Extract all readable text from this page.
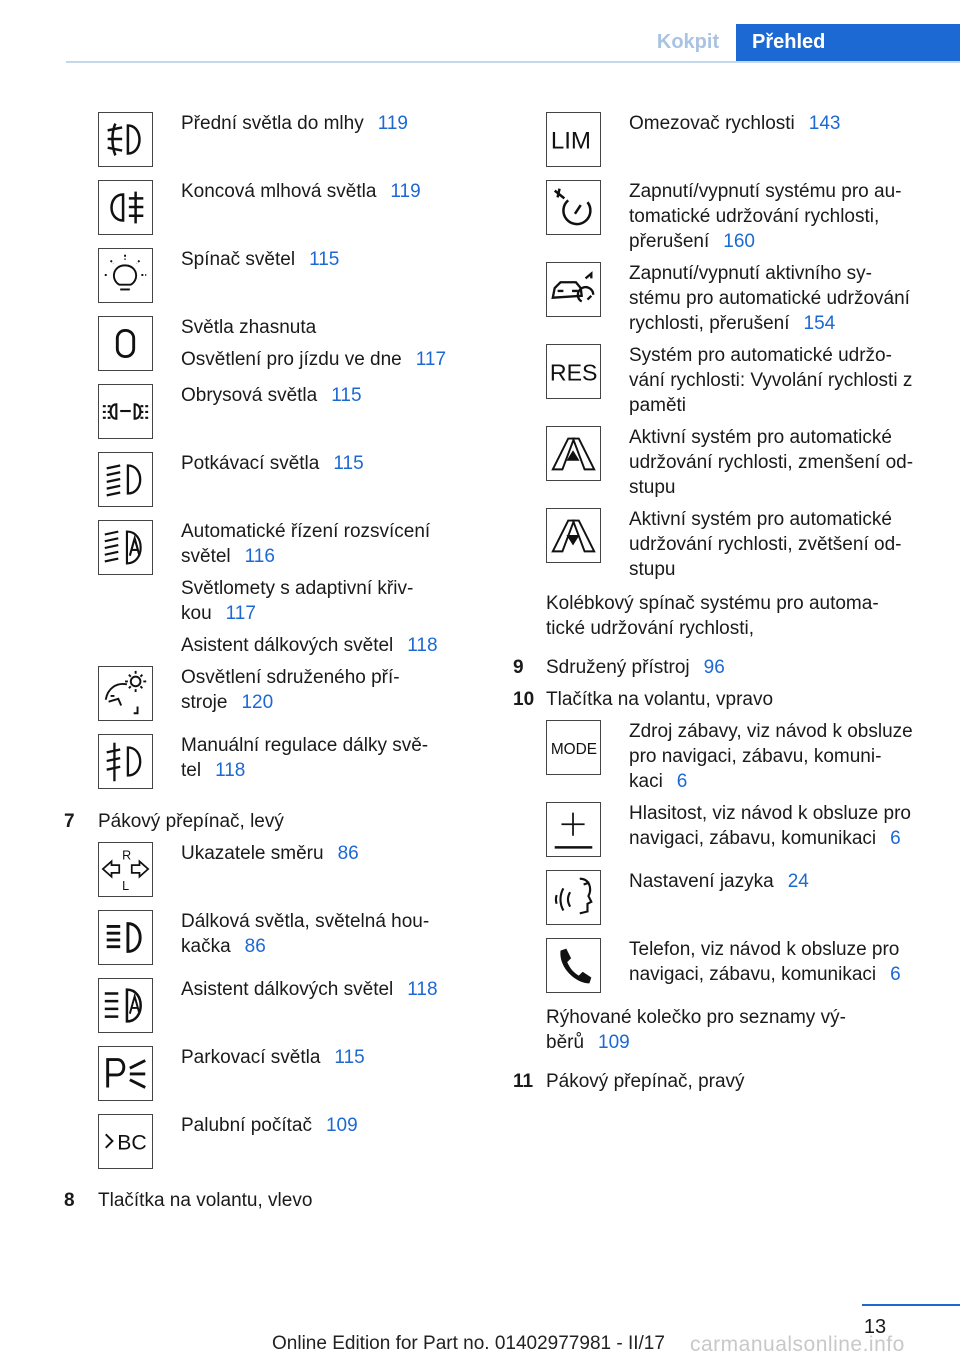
Kokpit	Přehled
Přední světla do mlhy 119
Koncová mlhová světla 119
Spínač světel 115
Světla zhasnuta
Osvětlení pro jízdu ve dne 117
Obrysová světla 115
Potkávací světla 115
Automatické řízení rozsvícení
světel 116
Světlomety s adaptivní křiv-
kou 117
Asistent dálkových světel 118
Osvětlení sdruženého pří-
stroje 120
Manuální regulace dálky svě-
tel 118
7 Pákový přepínač, levý
R
L
Ukazatele směru 86
Dálková světla, světelná hou-
kačka 86
Asistent dálkových světel 118
Parkovací světla 115
BC
Palubní počítač 109
8 Tlačítka na volantu, vlevo
LIM
Omezovač rychlosti 143
Zapnutí/vypnutí systému pro au-
tomatické udržování rychlosti,
přerušení 160
Zapnutí/vypnutí aktivního sy-
stému pro automatické udržování
rychlosti, přerušení 154
RES
Systém pro automatické udržo-
vání rychlosti: Vyvolání rychlosti z
paměti
Aktivní systém pro automatické
udržování rychlosti, zmenšení od-
stupu
Aktivní systém pro automatické
udržování rychlosti, zvětšení od-
stupu
Kolébkový spínač systému pro automa-
tické udržování rychlosti,
9 Sdružený přístroj 96
10 Tlačítka na volantu, vpravo
MODE
Zdroj zábavy, viz návod k obsluze
pro navigaci, zábavu, komuni-
kaci 6
Hlasitost, viz návod k obsluze pro
navigaci, zábavu, komunikaci 6
Nastavení jazyka 24
Telefon, viz návod k obsluze pro
navigaci, zábavu, komunikaci 6
Rýhované kolečko pro seznamy vý-
běrů 109
11 Pákový přepínač, pravý
13
Online Edition for Part no. 01402977981 - II/17 carmanualsonline.info
